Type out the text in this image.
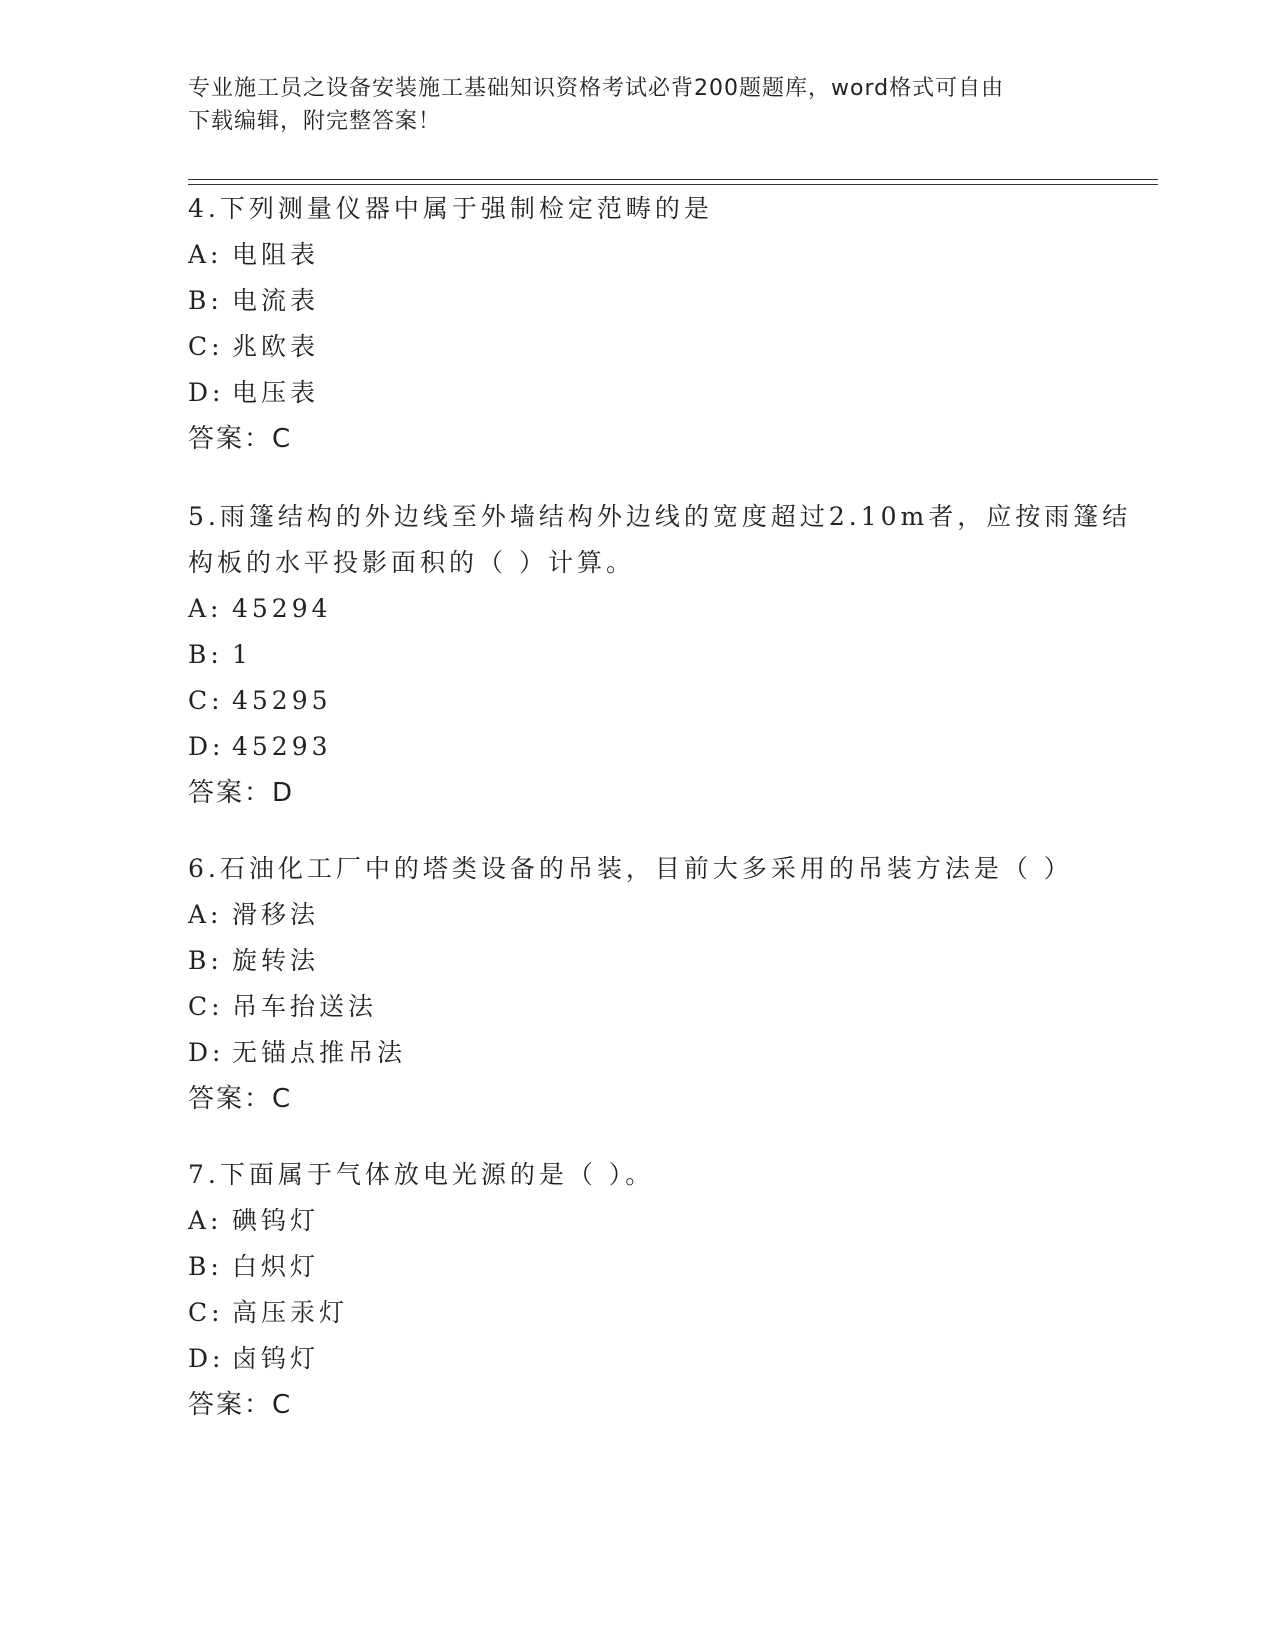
专业施工员之设备安装施工基础知识资格考试必背200题题库，word格式可自由
下载编辑，附完整答案！

4.下列测量仪器中属于强制检定范畴的是

A: 电阻表

B: 电流表

C: 兆欧表

D: 电压表

答案：C

5.雨篷结构的外边线至外墙结构外边线的宽度超过2.10m者，应按雨篷结构板的水平投影面积的（ ）计算。

A: 45294

B: 1

C: 45295

D: 45293

答案：D

6.石油化工厂中的塔类设备的吊装，目前大多采用的吊装方法是（ ）

A: 滑移法

B: 旋转法

C: 吊车抬送法

D: 无锚点推吊法

答案：C

7.下面属于气体放电光源的是（ ）。

A: 碘钨灯

B: 白炽灯

C: 高压汞灯

D: 卤钨灯

答案：C
